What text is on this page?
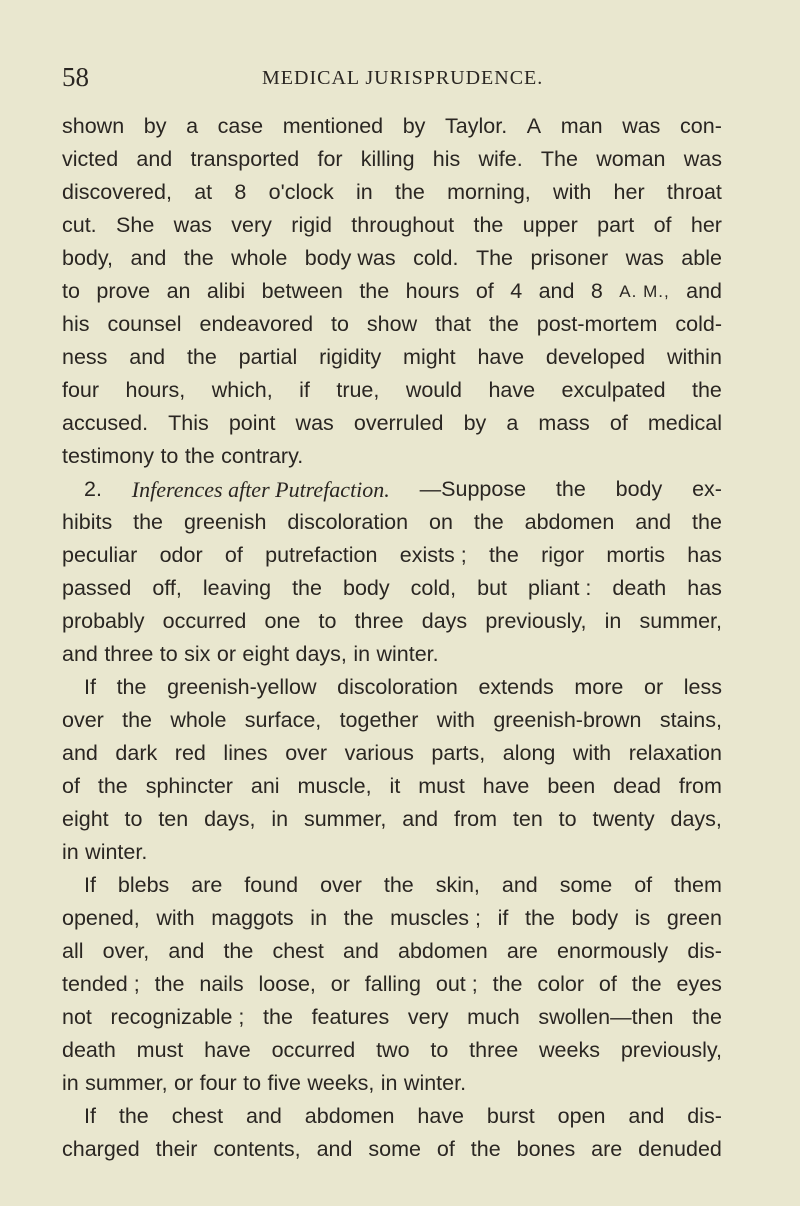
58	MEDICAL JURISPRUDENCE.
shown by a case mentioned by Taylor. A man was con-
victed and transported for killing his wife. The woman was
discovered, at 8 o'clock in the morning, with her throat
cut. She was very rigid throughout the upper part of her
body, and the whole body was cold. The prisoner was able
to prove an alibi between the hours of 4 and 8 A. M., and
his counsel endeavored to show that the post-mortem cold-
ness and the partial rigidity might have developed within
four hours, which, if true, would have exculpated the
accused. This point was overruled by a mass of medical
testimony to the contrary.
2. Inferences after Putrefaction. —Suppose the body ex-
hibits the greenish discoloration on the abdomen and the
peculiar odor of putrefaction exists ; the rigor mortis has
passed off, leaving the body cold, but pliant : death has
probably occurred one to three days previously, in summer,
and three to six or eight days, in winter.
If the greenish-yellow discoloration extends more or less
over the whole surface, together with greenish-brown stains,
and dark red lines over various parts, along with relaxation
of the sphincter ani muscle, it must have been dead from
eight to ten days, in summer, and from ten to twenty days,
in winter.
If blebs are found over the skin, and some of them
opened, with maggots in the muscles ; if the body is green
all over, and the chest and abdomen are enormously dis-
tended ; the nails loose, or falling out ; the color of the eyes
not recognizable ; the features very much swollen—then the
death must have occurred two to three weeks previously,
in summer, or four to five weeks, in winter.
If the chest and abdomen have burst open and dis-
charged their contents, and some of the bones are denuded
